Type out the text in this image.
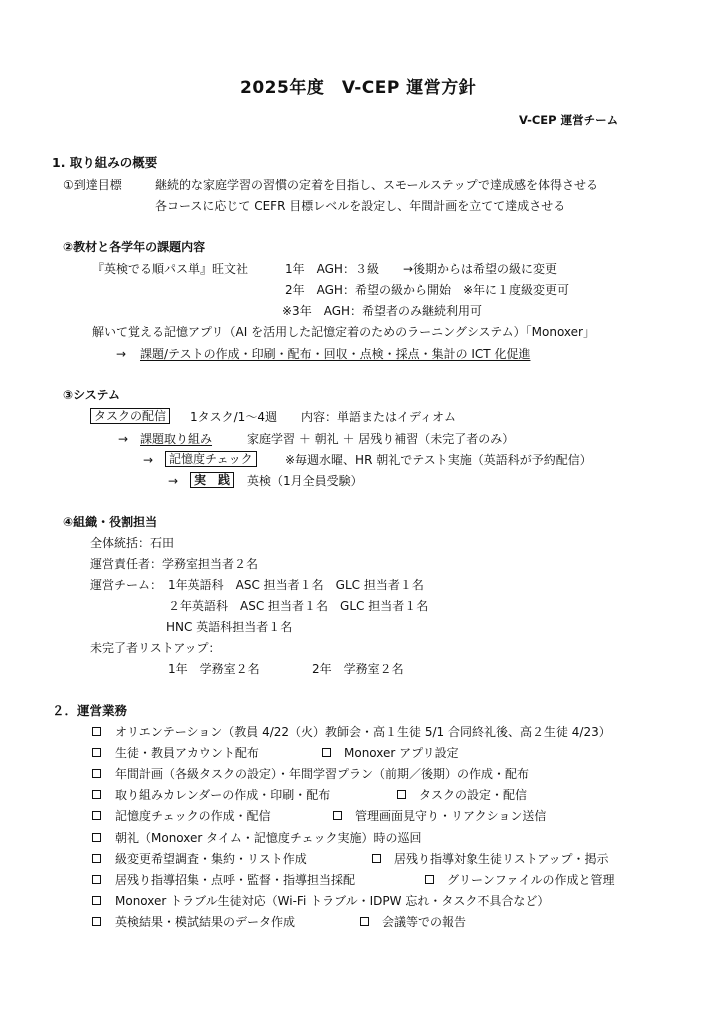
2025年度　V-CEP 運営方針
V-CEP 運営チーム
1. 取り組みの概要
①到達目標	継続的な家庭学習の習慣の定着を目指し、スモールステップで達成感を体得させる
各コースに応じて CEFR 目標レベルを設定し、年間計画を立てて達成させる
②教材と各学年の課題内容
『英検でる順パス単』旺文社	1年　AGH：３級　　→後期からは希望の級に変更
2年　AGH：希望の級から開始　※年に１度級変更可
※3年　AGH：希望者のみ継続利用可
解いて覚える記憶アプリ（AI を活用した記憶定着のためのラーニングシステム）「Monoxer」
→ 課題/テストの作成・印刷・配布・回収・点検・採点・集計の ICT 化促進
③システム
タスクの配信	1タスク/1～4週　　内容：単語またはイディオム
→ 課題取り組み	家庭学習 ＋ 朝礼 ＋ 居残り補習（未完了者のみ）
→	記憶度チェック	※毎週水曜、HR 朝礼でテスト実施（英語科が予約配信）
→	実　践	英検（1月全員受験）
④組織・役割担当
全体統括：石田
運営責任者：学務室担当者２名
運営チーム： 1年英語科　ASC 担当者１名　GLC 担当者１名
２年英語科　ASC 担当者１名　GLC 担当者１名
HNC 英語科担当者１名
未完了者リストアップ：
1年　学務室２名	2年　学務室２名
２．運営業務
オリエンテーション（教員 4/22（火）教師会・高１生徒 5/1 合同終礼後、高２生徒 4/23）
生徒・教員アカウント配布	Monoxer アプリ設定
年間計画（各級タスクの設定）・年間学習プラン（前期／後期）の作成・配布
取り組みカレンダーの作成・印刷・配布	タスクの設定・配信
記憶度チェックの作成・配信	管理画面見守り・リアクション送信
朝礼（Monoxer タイム・記憶度チェック実施）時の巡回
級変更希望調査・集約・リスト作成	居残り指導対象生徒リストアップ・掲示
居残り指導招集・点呼・監督・指導担当採配	グリーンファイルの作成と管理
Monoxer トラブル生徒対応（Wi-Fi トラブル・IDPW 忘れ・タスク不具合など）
英検結果・模試結果のデータ作成	会議等での報告
